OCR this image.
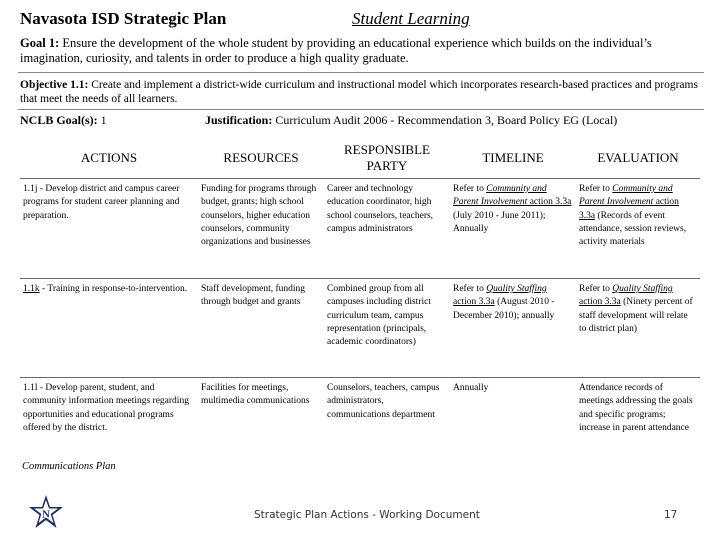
Navasota ISD Strategic Plan	Student Learning
Goal 1: Ensure the development of the whole student by providing an educational experience which builds on the individual’s imagination, curiosity, and talents in order to produce a high quality graduate.
Objective 1.1: Create and implement a district-wide curriculum and instructional model which incorporates research-based practices and programs that meet the needs of all learners.
NCLB Goal(s): 1	Justification: Curriculum Audit 2006 - Recommendation 3, Board Policy EG (Local)
ACTIONS	RESOURCES	RESPONSIBLE PARTY	TIMELINE	EVALUATION
1.1j - Develop district and campus career programs for student career planning and preparation.	Funding for programs through budget, grants; high school counselors, higher education counselors, community organizations and businesses	Career and technology education coordinator, high school counselors, teachers, campus administrators	Refer to Community and Parent Involvement action 3.3a (July 2010 - June 2011); Annually	Refer to Community and Parent Involvement action 3.3a (Records of event attendance, session reviews, activity materials
1.1k - Training in response-to-intervention.	Staff development, funding through budget and grants	Combined group from all campuses including district curriculum team, campus representation (principals, academic coordinators)	Refer to Quality Staffing action 3.3a (August 2010 - December 2010); annually	Refer to Quality Staffing action 3.3a (Ninety percent of staff development will relate to district plan)
1.1l - Develop parent, student, and community information meetings regarding opportunities and educational programs offered by the district.	Facilities for meetings, multimedia communications	Counselors, teachers, campus administrators, communications department	Annually	Attendance records of meetings addressing the goals and specific programs; increase in parent attendance
Communications Plan
N	Strategic Plan Actions - Working Document	17
